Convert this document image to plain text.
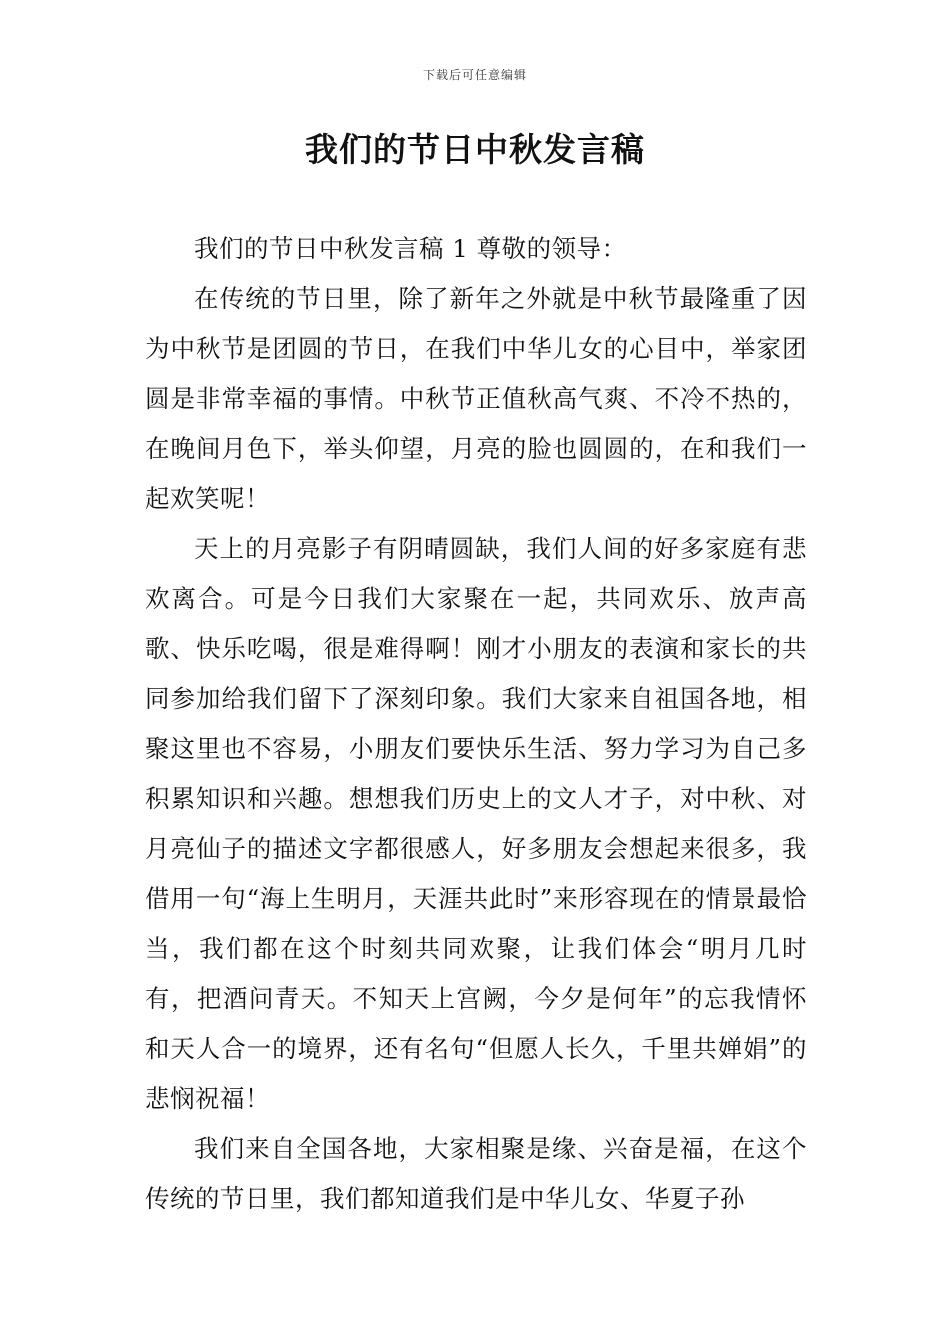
下载后可任意编辑
我们的节日中秋发言稿

我们的节日中秋发言稿 1 尊敬的领导：

在传统的节日里，除了新年之外就是中秋节最隆重了因为中秋节是团圆的节日，在我们中华儿女的心目中，举家团圆是非常幸福的事情。中秋节正值秋高气爽、不冷不热的，在晚间月色下，举头仰望，月亮的脸也圆圆的，在和我们一起欢笑呢！

天上的月亮影子有阴晴圆缺，我们人间的好多家庭有悲欢离合。可是今日我们大家聚在一起，共同欢乐、放声高歌、快乐吃喝，很是难得啊！刚才小朋友的表演和家长的共同参加给我们留下了深刻印象。我们大家来自祖国各地，相聚这里也不容易，小朋友们要快乐生活、努力学习为自己多积累知识和兴趣。想想我们历史上的文人才子，对中秋、对月亮仙子的描述文字都很感人，好多朋友会想起来很多，我借用一句“海上生明月，天涯共此时”来形容现在的情景最恰当，我们都在这个时刻共同欢聚，让我们体会“明月几时有，把酒问青天。不知天上宫阙，今夕是何年”的忘我情怀和天人合一的境界，还有名句“但愿人长久，千里共婵娟”的悲悯祝福！

我们来自全国各地，大家相聚是缘、兴奋是福，在这个传统的节日里，我们都知道我们是中华儿女、华夏子孙
